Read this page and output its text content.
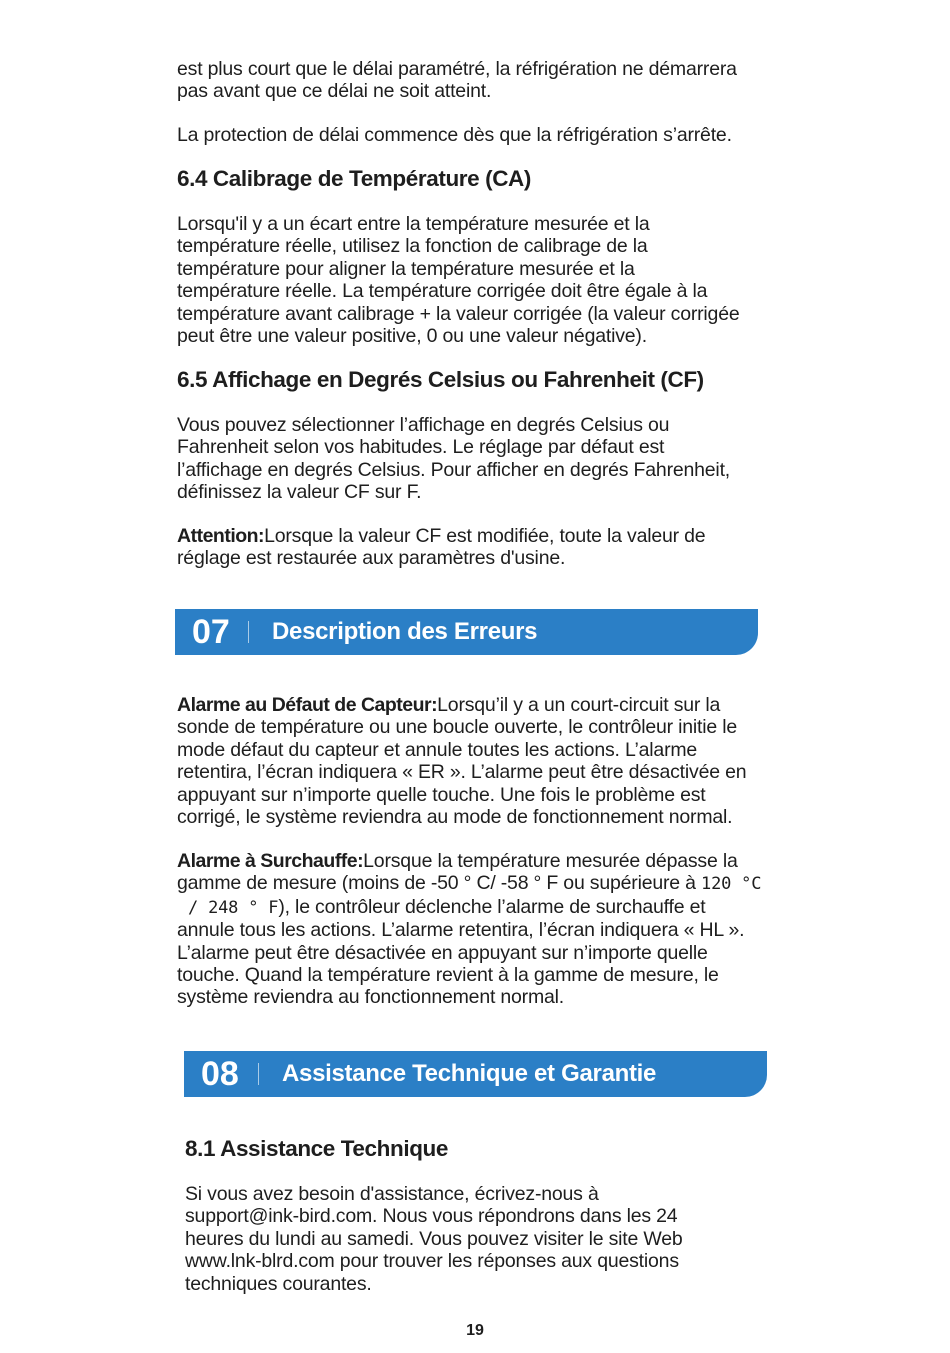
est plus court que le délai paramétré, la réfrigération ne démarrera
pas avant que ce délai ne soit atteint.
La protection de délai commence dès que la réfrigération s’arrête.
6.4 Calibrage de Température (CA)
Lorsqu'il y a un écart entre la température mesurée et la
température réelle, utilisez la fonction de calibrage de la
température pour aligner la température mesurée et la
température réelle. La température corrigée doit être égale à la
température avant calibrage + la valeur corrigée (la valeur corrigée
peut être une valeur positive, 0 ou une valeur négative).
6.5 Affichage en Degrés Celsius ou Fahrenheit (CF)
Vous pouvez sélectionner l’affichage en degrés Celsius ou
Fahrenheit selon vos habitudes. Le réglage par défaut est
l’affichage en degrés Celsius. Pour afficher en degrés Fahrenheit,
définissez la valeur CF sur F.
Attention:Lorsque la valeur CF est modifiée, toute la valeur de
réglage est restaurée aux paramètres d'usine.
07 Description des Erreurs
Alarme au Défaut de Capteur:Lorsqu’il y a un court-circuit sur la
sonde de température ou une boucle ouverte, le contrôleur initie le
mode défaut du capteur et annule toutes les actions. L’alarme
retentira, l’écran indiquera « ER ». L’alarme peut être désactivée en
appuyant sur n’importe quelle touche. Une fois le problème est
corrigé, le système reviendra au mode de fonctionnement normal.
Alarme à Surchauffe:Lorsque la température mesurée dépasse la
gamme de mesure (moins de -50 ° C/ -58 ° F ou supérieure à 120 °C
/ 248 ° F), le contrôleur déclenche l’alarme de surchauffe et
annule tous les actions. L’alarme retentira, l’écran indiquera « HL ».
L’alarme peut être désactivée en appuyant sur n’importe quelle
touche. Quand la température revient à la gamme de mesure, le
système reviendra au fonctionnement normal.
08 Assistance Technique et Garantie
8.1 Assistance Technique
Si vous avez besoin d'assistance, écrivez-nous à
support@ink-bird.com. Nous vous répondrons dans les 24
heures du lundi au samedi. Vous pouvez visiter le site Web
www.lnk-blrd.com pour trouver les réponses aux questions
techniques courantes.
19
